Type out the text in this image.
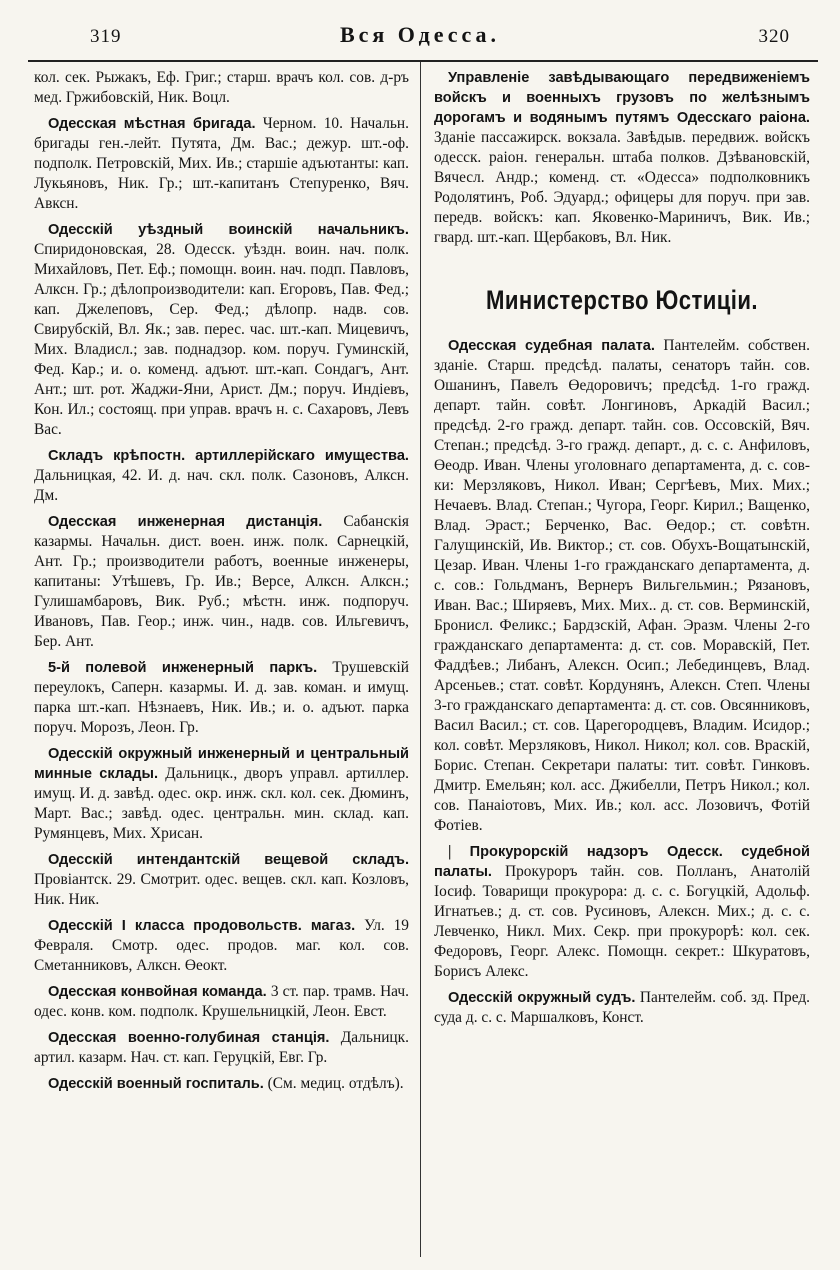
319	Вся Одесса.	320

кол. сек. Рыжакъ, Еф. Григ.; старш. врачъ кол. сов. д-ръ мед. Гржибовскій, Ник. Воцл.

Одесская мѣстная бригада. Черном. 10. Начальн. бригады ген.-лейт. Путята, Дм. Вас.; дежур. шт.-оф. подполк. Петровскій, Мих. Ив.; старшіе адъютанты: кап. Лукьяновъ, Ник. Гр.; шт.-капитанъ Степуренко, Вяч. Авксн.

Одесскій уѣздный воинскій начальникъ. Спиридоновская, 28. Одесск. уѣздн. воин. нач. полк. Михайловъ, Пет. Еф.; помощн. воин. нач. подп. Павловъ, Алксн. Гр.; дѣлопроизводители: кап. Егоровъ, Пав. Фед.; кап. Джелеповъ, Сер. Фед.; дѣлопр. надв. сов. Свирубскій, Вл. Як.; зав. перес. час. шт.-кап. Мицевичъ, Мих. Владисл.; зав. поднадзор. ком. поруч. Гуминскій, Фед. Кар.; и. о. коменд. адъют. шт.-кап. Сондагъ, Ант. Ант.; шт. рот. Жаджи-Яни, Арист. Дм.; поруч. Индіевъ, Кон. Ил.; состоящ. при управ. врачъ н. с. Сахаровъ, Левъ Вас.

Складъ крѣпостн. артиллерійскаго имущества. Дальницкая, 42. И. д. нач. скл. полк. Сазоновъ, Алксн. Дм.

Одесская инженерная дистанція. Сабанскія казармы. Начальн. дист. воен. инж. полк. Сарнецкій, Ант. Гр.; производители работъ, военные инженеры, капитаны: Утѣшевъ, Гр. Ив.; Версе, Алксн. Алксн.; Гулишамбаровъ, Вик. Руб.; мѣстн. инж. подпоруч. Ивановъ, Пав. Геор.; инж. чин., надв. сов. Ильгевичъ, Бер. Ант.

5-й полевой инженерный паркъ. Трушевскій переулокъ, Саперн. казармы. И. д. зав. коман. и имущ. парка шт.-кап. Нѣзнаевъ, Ник. Ив.; и. о. адъют. парка поруч. Морозъ, Леон. Гр.

Одесскій окружный инженерный и центральный минные склады. Дальницк., дворъ управл. артиллер. имущ. И. д. завѣд. одес. окр. инж. скл. кол. сек. Дюминъ, Март. Вас.; завѣд. одес. центральн. мин. склад. кап. Румянцевъ, Мих. Хрисан.

Одесскій интендантскій вещевой складъ. Провіантск. 29. Смотрит. одес. вещев. скл. кап. Козловъ, Ник. Ник.

Одесскій I класса продовольств. магаз. Ул. 19 Февраля. Смотр. одес. продов. маг. кол. сов. Сметанниковъ, Алксн. Өеокт.

Одесская конвойная команда. 3 ст. пар. трамв. Нач. одес. конв. ком. подполк. Крушельницкій, Леон. Евст.

Одесская военно-голубиная станція. Дальницк. артил. казарм. Нач. ст. кап. Геруцкій, Евг. Гр.

Одесскій военный госпиталь. (См. медиц. отдѣлъ).

Управленіе завѣдывающаго передвиженіемъ войскъ и военныхъ грузовъ по желѣзнымъ дорогамъ и водянымъ путямъ Одесскаго раіона. Зданіе пассажирск. вокзала. Завѣдыв. передвиж. войскъ одесск. раіон. генеральн. штаба полков. Дзѣвановскій, Вячесл. Андр.; коменд. ст. «Одесса» подполковникъ Родолятинъ, Роб. Эдуард.; офицеры для поруч. при зав. передв. войскъ: кап. Яковенко-Мариничъ, Вик. Ив.; гвард. шт.-кап. Щербаковъ, Вл. Ник.

Министерство Юстиціи.

Одесская судебная палата. Пантелейм. собствен. зданіе. Старш. предсѣд. палаты, сенаторъ тайн. сов. Ошанинъ, Павелъ Өедоровичъ; предсѣд. 1-го гражд. департ. тайн. совѣт. Лонгиновъ, Аркадій Васил.; предсѣд. 2-го гражд. департ. тайн. сов. Оссовскій, Вяч. Степан.; предсѣд. 3-го гражд. департ., д. с. с. Анфиловъ, Өеодр. Иван. Члены уголовнаго департамента, д. с. сов-ки: Мерзляковъ, Никол. Иван; Сергѣевъ, Мих. Мих.; Нечаевъ. Влад. Степан.; Чугора, Георг. Кирил.; Ващенко, Влад. Эраст.; Берченко, Вас. Өедор.; ст. совѣтн. Галущинскій, Ив. Виктор.; ст. сов. Обухъ-Вощатынскій, Цезар. Иван. Члены 1-го гражданскаго департамента, д. с. сов.: Гольдманъ, Вернеръ Вильгельмин.; Рязановъ, Иван. Вас.; Ширяевъ, Мих. Мих.. д. ст. сов. Верминскій, Бронисл. Феликс.; Бардзскій, Афан. Эразм. Члены 2-го гражданскаго департамента: д. ст. сов. Моравскій, Пет. Фаддѣев.; Либанъ, Алексн. Осип.; Лебединцевъ, Влад. Арсеньев.; стат. совѣт. Кордунянъ, Алексн. Степ. Члены 3-го гражданскаго департамента: д. ст. сов. Овсянниковъ, Васил Васил.; ст. сов. Царегородцевъ, Владим. Исидор.; кол. совѣт. Мерзляковъ, Никол. Никол; кол. сов. Враскій, Борис. Степан. Секретари палаты: тит. совѣт. Гинковъ. Дмитр. Емельян; кол. асс. Джибелли, Петръ Никол.; кол. сов. Панаіотовъ, Мих. Ив.; кол. асс. Лозовичъ, Фотій Фотіев.

| Прокурорскій надзоръ Одесск. судебной палаты. Прокуроръ тайн. сов. Полланъ, Анатолій Іосиф. Товарищи прокурора: д. с. с. Богуцкій, Адольф. Игнатьев.; д. ст. сов. Русиновъ, Алексн. Мих.; д. с. с. Левченко, Никл. Мих. Секр. при прокурорѣ: кол. сек. Федоровъ, Георг. Алекс. Помощн. секрет.: Шкуратовъ, Борисъ Алекс.

Одесскій окружный судъ. Пантелейм. соб. зд. Пред. суда д. с. с. Маршалковъ, Конст.
